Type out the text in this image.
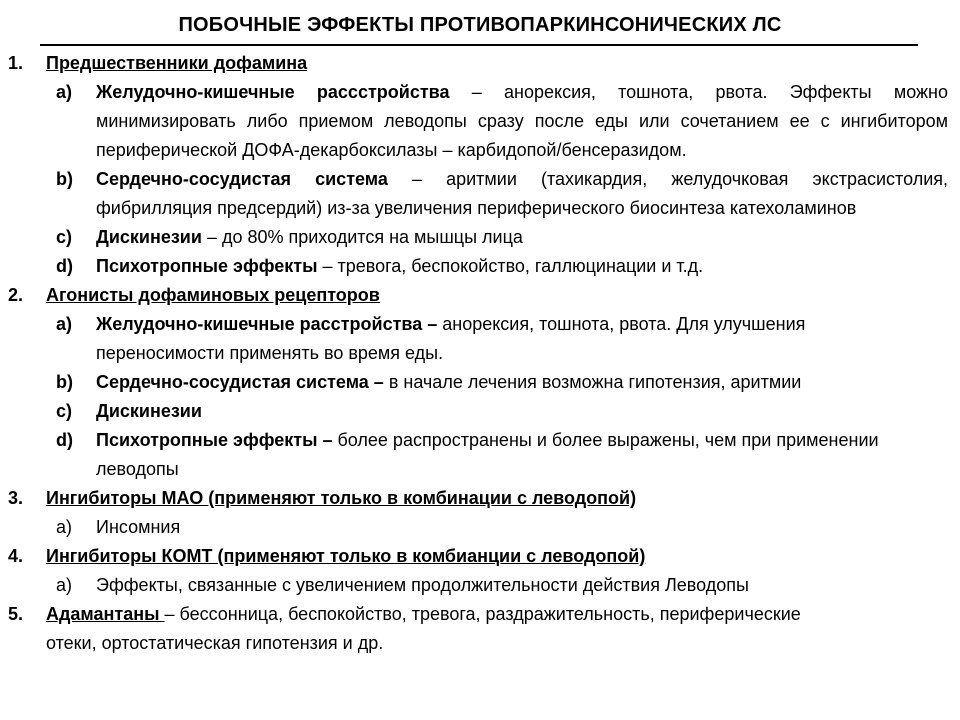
ПОБОЧНЫЕ ЭФФЕКТЫ ПРОТИВОПАРКИНСОНИЧЕСКИХ ЛС
1. Предшественники дофамина
a) Желудочно-кишечные рассстройства – анорексия, тошнота, рвота. Эффекты можно минимизировать либо приемом леводопы сразу после еды или сочетанием ее с ингибитором периферической ДОФА-декарбоксилазы – карбидопой/бенсеразидом.
b) Сердечно-сосудистая система – аритмии (тахикардия, желудочковая экстрасистолия, фибрилляция предсердий) из-за увеличения периферического биосинтеза катехоламинов
c) Дискинезии – до 80% приходится на мышцы лица
d) Психотропные эффекты – тревога, беспокойство, галлюцинации и т.д.
2. Агонисты дофаминовых рецепторов
a) Желудочно-кишечные расстройства – анорексия, тошнота, рвота. Для улучшения переносимости применять во время еды.
b) Сердечно-сосудистая система – в начале лечения возможна гипотензия, аритмии
c) Дискинезии
d) Психотропные эффекты – более распространены и более выражены, чем при применении леводопы
3. Ингибиторы МАО (применяют только в комбинации с леводопой)
a) Инсомния
4. Ингибиторы КОМТ (применяют только в комбианции с леводопой)
a) Эффекты, связанные с увеличением продолжительности действия Леводопы
5. Адамантаны – бессонница, беспокойство, тревога, раздражительность, периферические отеки, ортостатическая гипотензия и др.
